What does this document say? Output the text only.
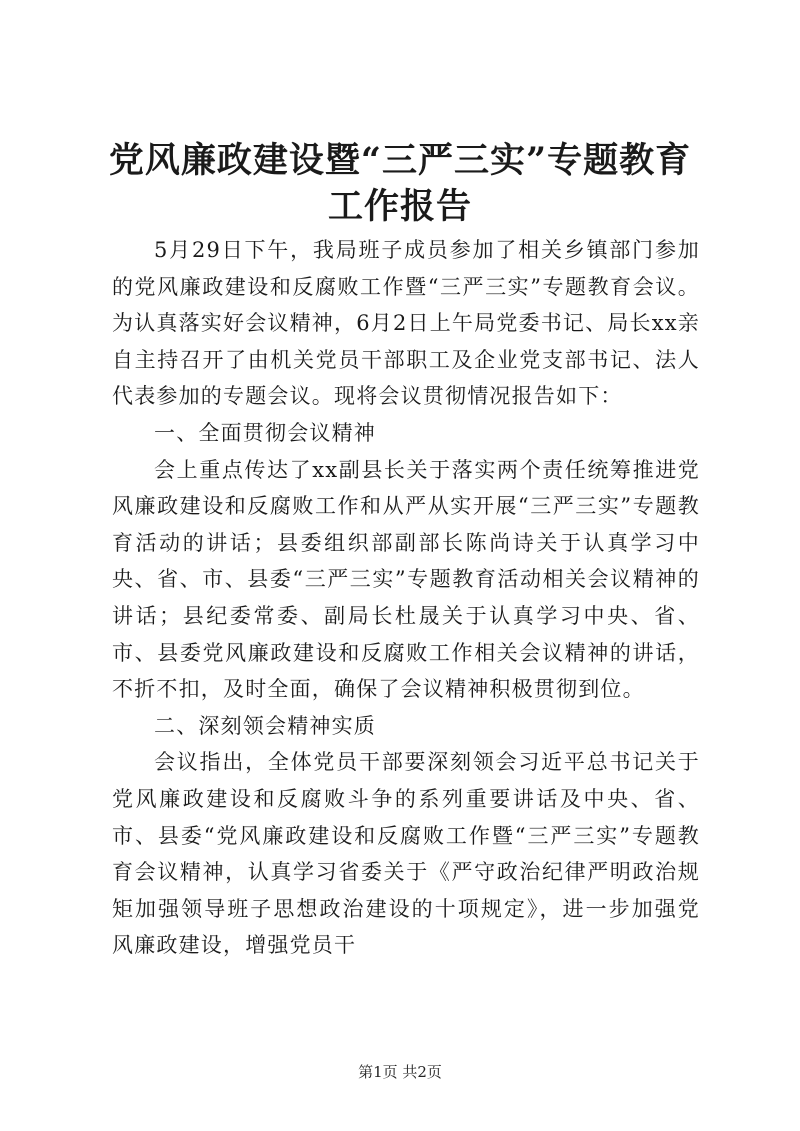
党风廉政建设暨“三严三实”专题教育工作报告

5月29日下午，我局班子成员参加了相关乡镇部门参加的党风廉政建设和反腐败工作暨“三严三实”专题教育会议。为认真落实好会议精神，6月2日上午局党委书记、局长xx亲自主持召开了由机关党员干部职工及企业党支部书记、法人代表参加的专题会议。现将会议贯彻情况报告如下：

一、全面贯彻会议精神

会上重点传达了xx副县长关于落实两个责任统筹推进党风廉政建设和反腐败工作和从严从实开展“三严三实”专题教育活动的讲话；县委组织部副部长陈尚诗关于认真学习中央、省、市、县委“三严三实”专题教育活动相关会议精神的讲话；县纪委常委、副局长杜晟关于认真学习中央、省、市、县委党风廉政建设和反腐败工作相关会议精神的讲话，不折不扣，及时全面，确保了会议精神积极贯彻到位。

二、深刻领会精神实质

会议指出，全体党员干部要深刻领会习近平总书记关于党风廉政建设和反腐败斗争的系列重要讲话及中央、省、市、县委“党风廉政建设和反腐败工作暨“三严三实”专题教育会议精神，认真学习省委关于《严守政治纪律严明政治规矩加强领导班子思想政治建设的十项规定》，进一步加强党风廉政建设，增强党员干

第1页 共2页
